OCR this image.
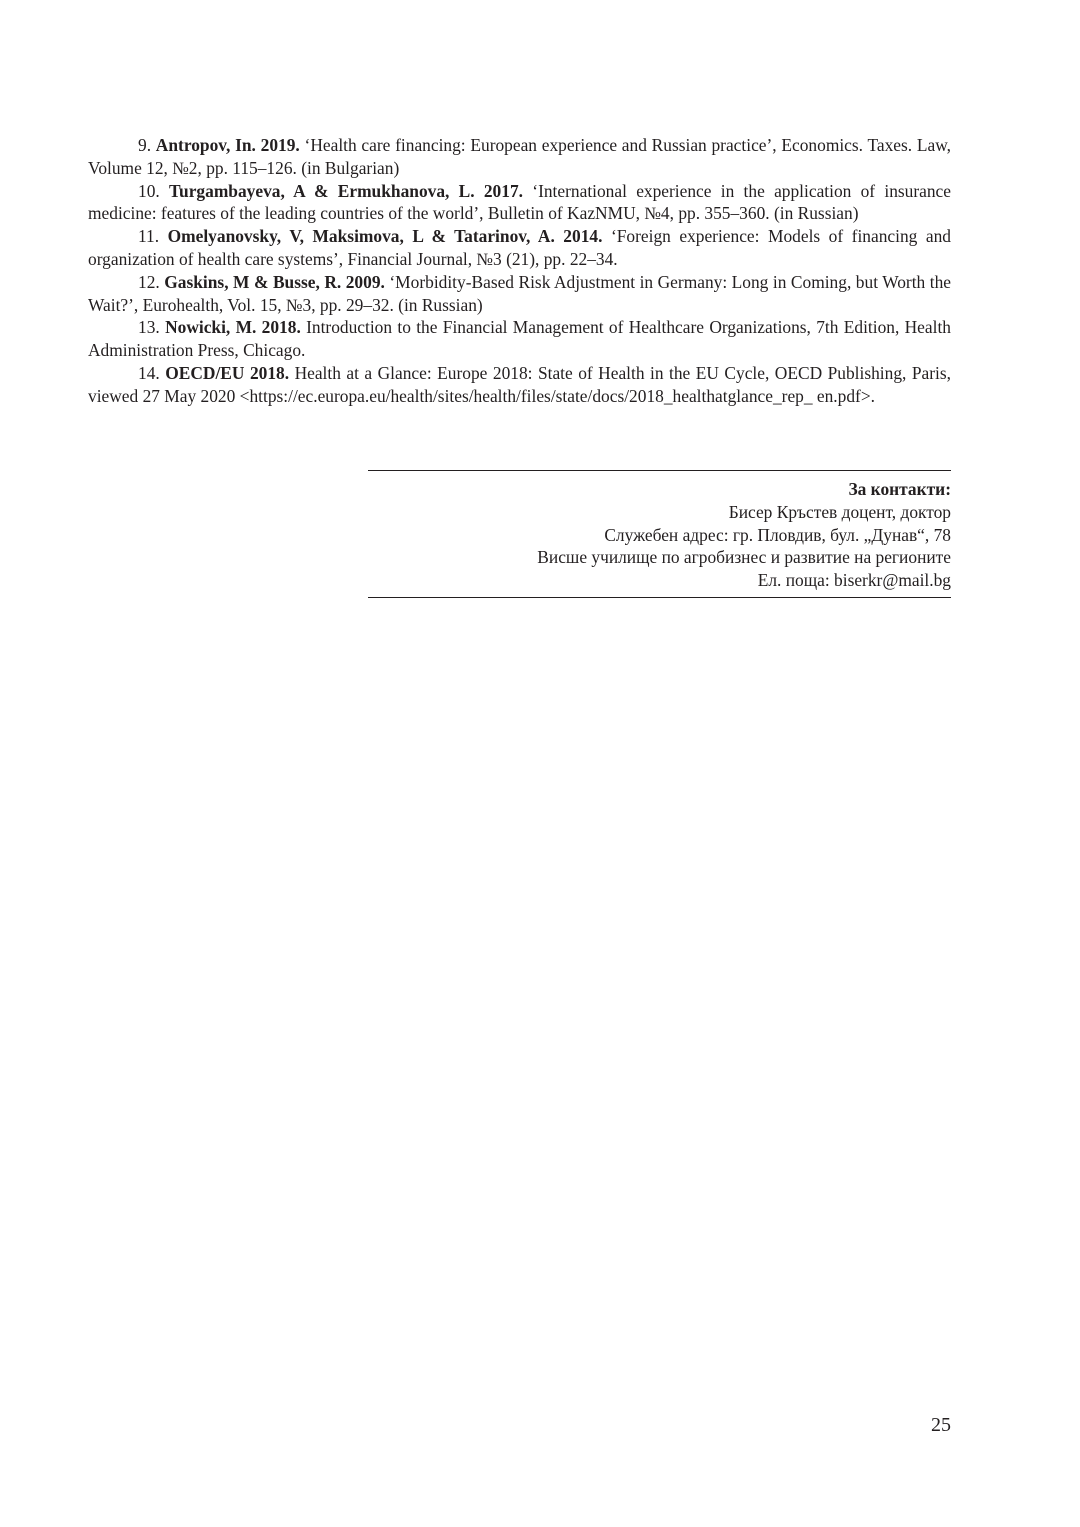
9. Antropov, In. 2019. ‘Health care financing: European experience and Russian practice’, Economics. Taxes. Law, Volume 12, №2, pp. 115–126. (in Bulgarian)

10. Turgambayeva, A & Ermukhanova, L. 2017. ‘International experience in the application of insurance medicine: features of the leading countries of the world’, Bulletin of KazNMU, №4, pp. 355–360. (in Russian)

11. Omelyanovsky, V, Maksimova, L & Tatarinov, A. 2014. ‘Foreign experience: Models of financing and organization of health care systems’, Financial Journal, №3 (21), pp. 22–34.

12. Gaskins, M & Busse, R. 2009. ‘Morbidity-Based Risk Adjustment in Germany: Long in Coming, but Worth the Wait?’, Eurohealth, Vol. 15, №3, pp. 29–32. (in Russian)

13. Nowicki, M. 2018. Introduction to the Financial Management of Healthcare Organizations, 7th Edition, Health Administration Press, Chicago.

14. OECD/EU 2018. Health at a Glance: Europe 2018: State of Health in the EU Cycle, OECD Publishing, Paris, viewed 27 May 2020 <https://ec.europa.eu/health/sites/health/files/state/docs/2018_healthatglance_rep_ en.pdf>.

За контакти:
Бисер Кръстев доцент, доктор
Служебен адрес: гр. Пловдив, бул. „Дунав“, 78
Висше училище по агробизнес и развитие на регионите
Ел. поща: biserkr@mail.bg
25
